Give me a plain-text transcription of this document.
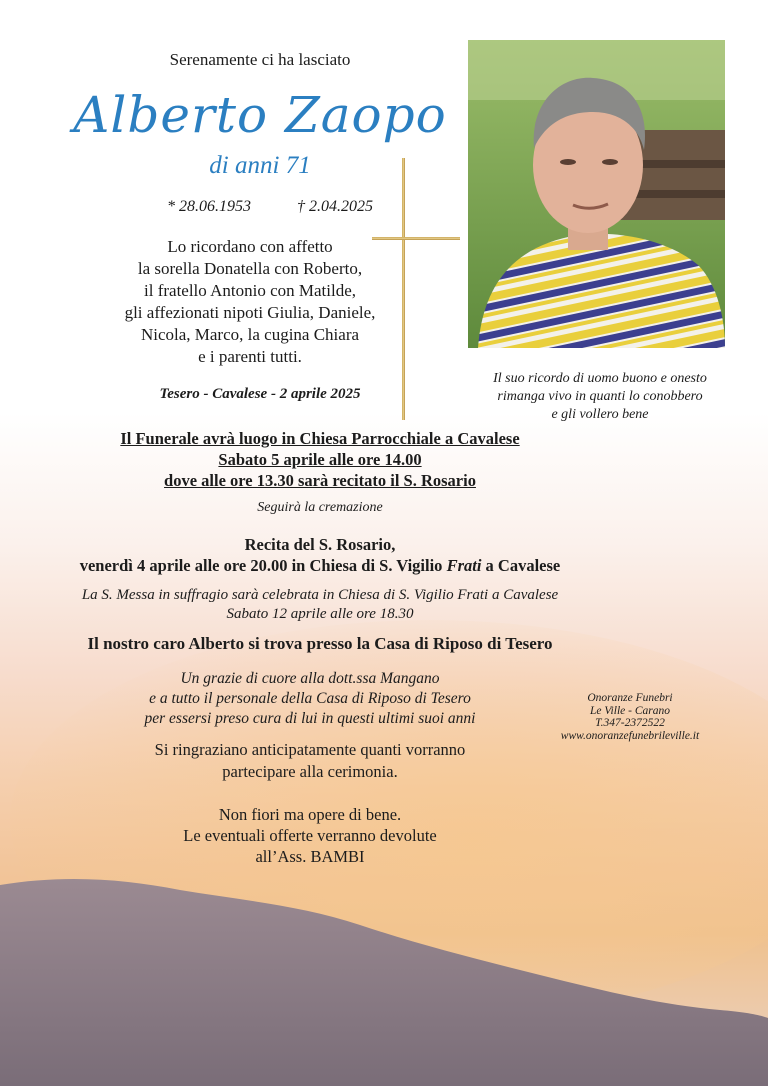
Serenamente ci ha lasciato
Alberto Zaopo
di anni 71
* 28.06.1953	† 2.04.2025
Lo ricordano con affetto
la sorella Donatella con Roberto,
il fratello Antonio con Matilde,
gli affezionati nipoti Giulia, Daniele,
Nicola, Marco, la cugina Chiara
e i parenti tutti.
Tesero - Cavalese - 2 aprile 2025
Il suo ricordo di uomo buono e onesto
rimanga vivo in quanti lo conobbero
e gli vollero bene
Il Funerale avrà luogo in Chiesa Parrocchiale a Cavalese
Sabato 5 aprile alle ore 14.00
dove alle ore 13.30 sarà recitato il S. Rosario
Seguirà la cremazione
Recita del S. Rosario,
venerdì 4 aprile alle ore 20.00 in Chiesa di S. Vigilio Frati a Cavalese
La S. Messa in suffragio sarà celebrata in Chiesa di S. Vigilio Frati a Cavalese
Sabato 12 aprile alle ore 18.30
Il nostro caro Alberto si trova presso la Casa di Riposo di Tesero
Un grazie di cuore alla dott.ssa Mangano
e a tutto il personale della Casa di Riposo di Tesero
per essersi preso cura di lui in questi ultimi suoi anni
Si ringraziano anticipatamente quanti vorranno
partecipare alla cerimonia.
Non fiori ma opere di bene.
Le eventuali offerte verranno devolute
all’Ass. BAMBI
Onoranze Funebri
Le Ville - Carano
T.347-2372522
www.onoranzefunebrileville.it
